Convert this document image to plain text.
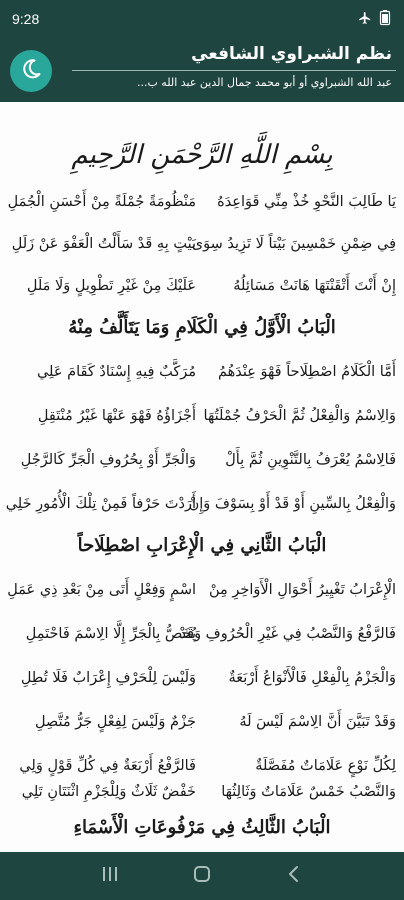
9:28
نظم الشبراوي الشافعي
عبد الله الشبراوي أو أبو محمد جمال الدين عبد الله ب...
بِسْمِ اللَّهِ الرَّحْمَنِ الرَّحِيمِ
يَا طَالِبَ النَّحْوِ خُذْ مِنِّي قَوَاعِدَهُ
مَنْظُومَةً جُمْلَةً مِنْ أَحْسَنِ الْجُمَلِ
فِي ضِمْنِ خَمْسِينَ بَيْتاً لَا تَزِيدُ سِوَى
بَيْتٍ بِهِ قَدْ سَأَلْتُ الْعَفْوَ عَنْ زَلَلِ
إِنْ أَنْتَ أَتْقَنْتَهَا هَانَتْ مَسَائِلُهُ
عَلَيْكَ مِنْ غَيْرِ تَطْوِيلٍ وَلَا مَلَلِ
الْبَابُ الْأَوَّلُ فِي الْكَلَامِ وَمَا يَتَأَلَّفُ مِنْهُ
أَمَّا الْكَلَامُ اصْطِلَاحاً فَهْوَ عِنْدَهُمُ
مُرَكَّبٌ فِيهِ إِسْنَادٌ كَقَامَ عَلِي
وَالِاسْمُ وَالْفِعْلُ ثُمَّ الْحَرْفُ جُمْلَتُهَا
أَجْزَاؤُهُ فَهْوَ عَنْهَا غَيْرُ مُنْتَقِلِ
فَالِاسْمُ يُعْرَفُ بِالتَّنْوِينِ ثُمَّ بِأَلْ
وَالْجَرِّ أَوْ بِحُرُوفِ الْجَرِّ كَالرَّجُلِ
وَالْفِعْلُ بِالسِّينِ أَوْ قَدْ أَوْ بِسَوْفَ وَإِنْ
أَرَدْتَ حَرْفاً فَمِنْ تِلْكَ الْأُمُورِ خَلِي
الْبَابُ الثَّانِي فِي الْإِعْرَابِ اصْطِلَاحاً
الْإِعْرَابُ تَغْيِيرُ أَحْوَالِ الْأَوَاخِرِ مِنْ
اسْمٍ وَفِعْلٍ أَتَى مِنْ بَعْدِ ذِي عَمَلِ
فَالرَّفْعُ وَالنَّصْبُ فِي غَيْرِ الْحُرُوفِ وَقَدْ
يُخَصُّ بِالْجَرِّ إِلَّا الِاسْمَ فَاحْتَمِلِ
وَالْجَزْمُ بِالْفِعْلِ فَالْأَنْوَاعُ أَرْبَعَةٌ
وَلَيْسَ لِلْحَرْفِ إِعْرَابٌ فَلَا تُطِلِ
وَقَدْ تَبَيَّنَ أَنَّ الِاسْمَ لَيْسَ لَهُ
جَزْمٌ وَلَيْسَ لِفِعْلٍ جَرُّ مُتَّصِلِ
لِكُلِّ نَوْعٍ عَلَامَاتٌ مُفَصَّلَةٌ
فَالرَّفْعُ أَرْبَعَةٌ فِي كُلِّ قَوْلٍ وَلِي
وَالنَّصْبُ خَمْسٌ عَلَامَاتٌ وَثَالِثُهَا
خَفْضٌ ثَلَاثٌ وَلِلْجَزْمِ اثْنَتَانِ تَلِي
الْبَابُ الثَّالِثُ فِي مَرْفُوعَاتِ الْأَسْمَاءِ
